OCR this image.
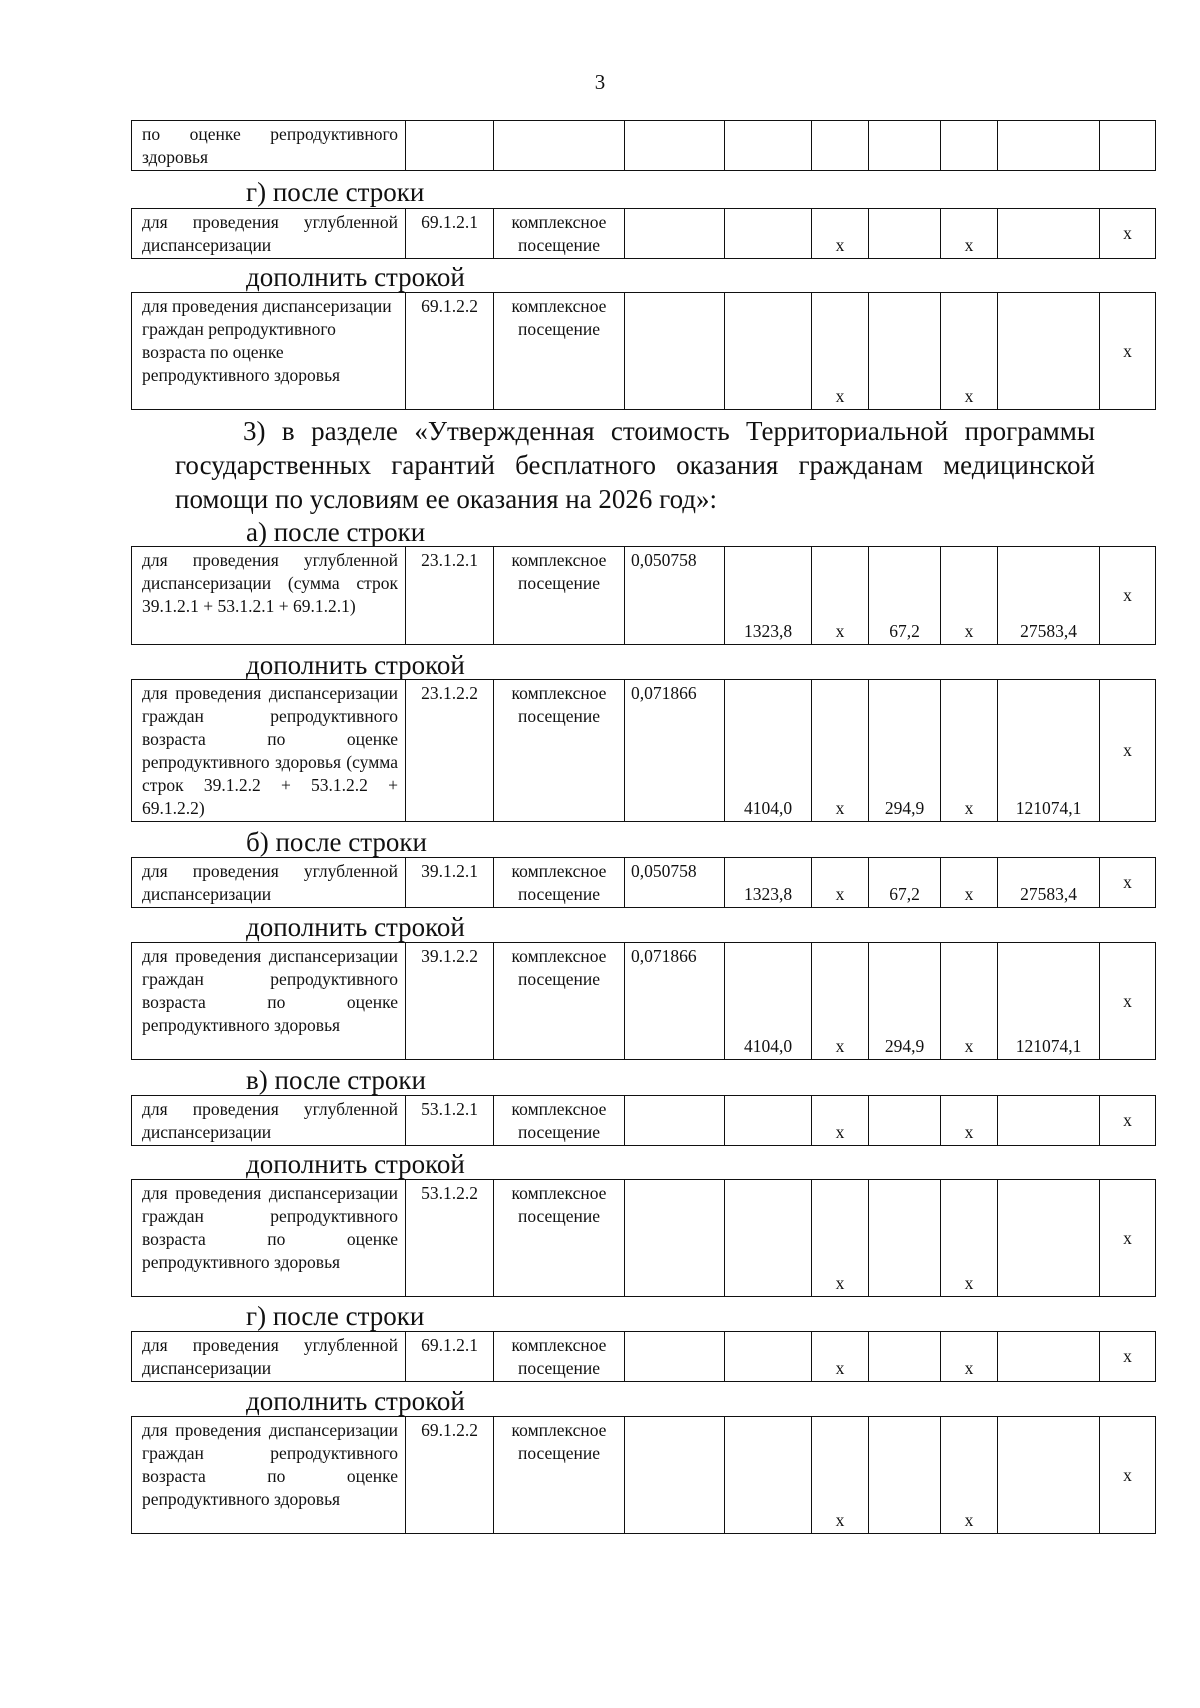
3
по оценке репродуктивного здоровья									
г) после строки
для проведения углубленной диспансеризации	69.1.2.1	комплексное посещение			х		х		х
дополнить строкой
для проведения диспансеризации граждан репродуктивного возраста по оценке репродуктивного здоровья	69.1.2.2	комплексное посещение			х		х		х
3) в разделе «Утвержденная стоимость Территориальной программы государственных гарантий бесплатного оказания гражданам медицинской помощи по условиям ее оказания на 2026 год»:
а) после строки
для проведения углубленной диспансеризации (сумма строк 39.1.2.1 + 53.1.2.1 + 69.1.2.1)	23.1.2.1	комплексное посещение	0,050758	1323,8	х	67,2	х	27583,4	х
дополнить строкой
для проведения диспансеризации граждан репродуктивного возраста по оценке репродуктивного здоровья (сумма строк 39.1.2.2 + 53.1.2.2 + 69.1.2.2)	23.1.2.2	комплексное посещение	0,071866	4104,0	х	294,9	х	121074,1	х
б) после строки
для проведения углубленной диспансеризации	39.1.2.1	комплексное посещение	0,050758	1323,8	х	67,2	х	27583,4	х
дополнить строкой
для проведения диспансеризации граждан репродуктивного возраста по оценке репродуктивного здоровья	39.1.2.2	комплексное посещение	0,071866	4104,0	х	294,9	х	121074,1	х
в) после строки
для проведения углубленной диспансеризации	53.1.2.1	комплексное посещение			х		х		х
дополнить строкой
для проведения диспансеризации граждан репродуктивного возраста по оценке репродуктивного здоровья	53.1.2.2	комплексное посещение			х		х		х
г) после строки
для проведения углубленной диспансеризации	69.1.2.1	комплексное посещение			х		х		х
дополнить строкой
для проведения диспансеризации граждан репродуктивного возраста по оценке репродуктивного здоровья	69.1.2.2	комплексное посещение			х		х		х
